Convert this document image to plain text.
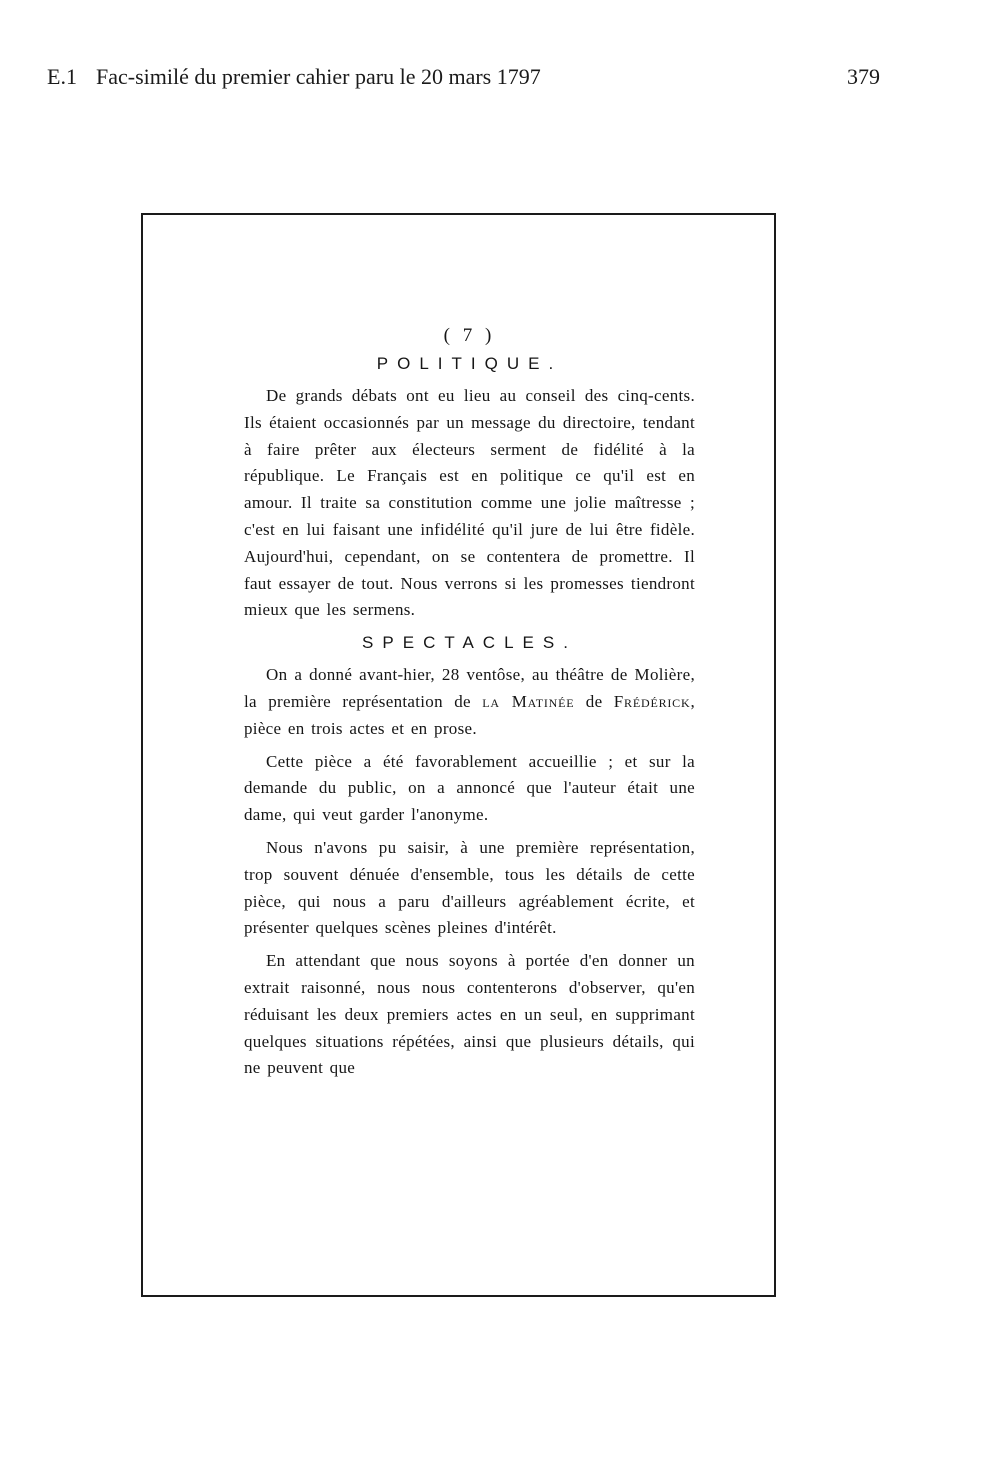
E.1 Fac-similé du premier cahier paru le 20 mars 1797	379
( 7 )
POLITIQUE.

De grands débats ont eu lieu au conseil des cinq-cents. Ils étaient occasionnés par un message du directoire, tendant à faire prêter aux électeurs serment de fidélité à la république. Le Français est en politique ce qu'il est en amour. Il traite sa constitution comme une jolie maîtresse ; c'est en lui faisant une infidélité qu'il jure de lui être fidèle. Aujourd'hui, cependant, on se contentera de promettre. Il faut essayer de tout. Nous verrons si les promesses tiendront mieux que les sermens.

SPECTACLES.

On a donné avant-hier, 28 ventôse, au théâtre de Molière, la première représentation de la Matinée de Frédérick, pièce en trois actes et en prose.

Cette pièce a été favorablement accueillie ; et sur la demande du public, on a annoncé que l'auteur était une dame, qui veut garder l'anonyme.

Nous n'avons pu saisir, à une première représentation, trop souvent dénuée d'ensemble, tous les détails de cette pièce, qui nous a paru d'ailleurs agréablement écrite, et présenter quelques scènes pleines d'intérêt.

En attendant que nous soyons à portée d'en donner un extrait raisonné, nous nous contenterons d'observer, qu'en réduisant les deux premiers actes en un seul, en supprimant quelques situations répétées, ainsi que plusieurs détails, qui ne peuvent que
